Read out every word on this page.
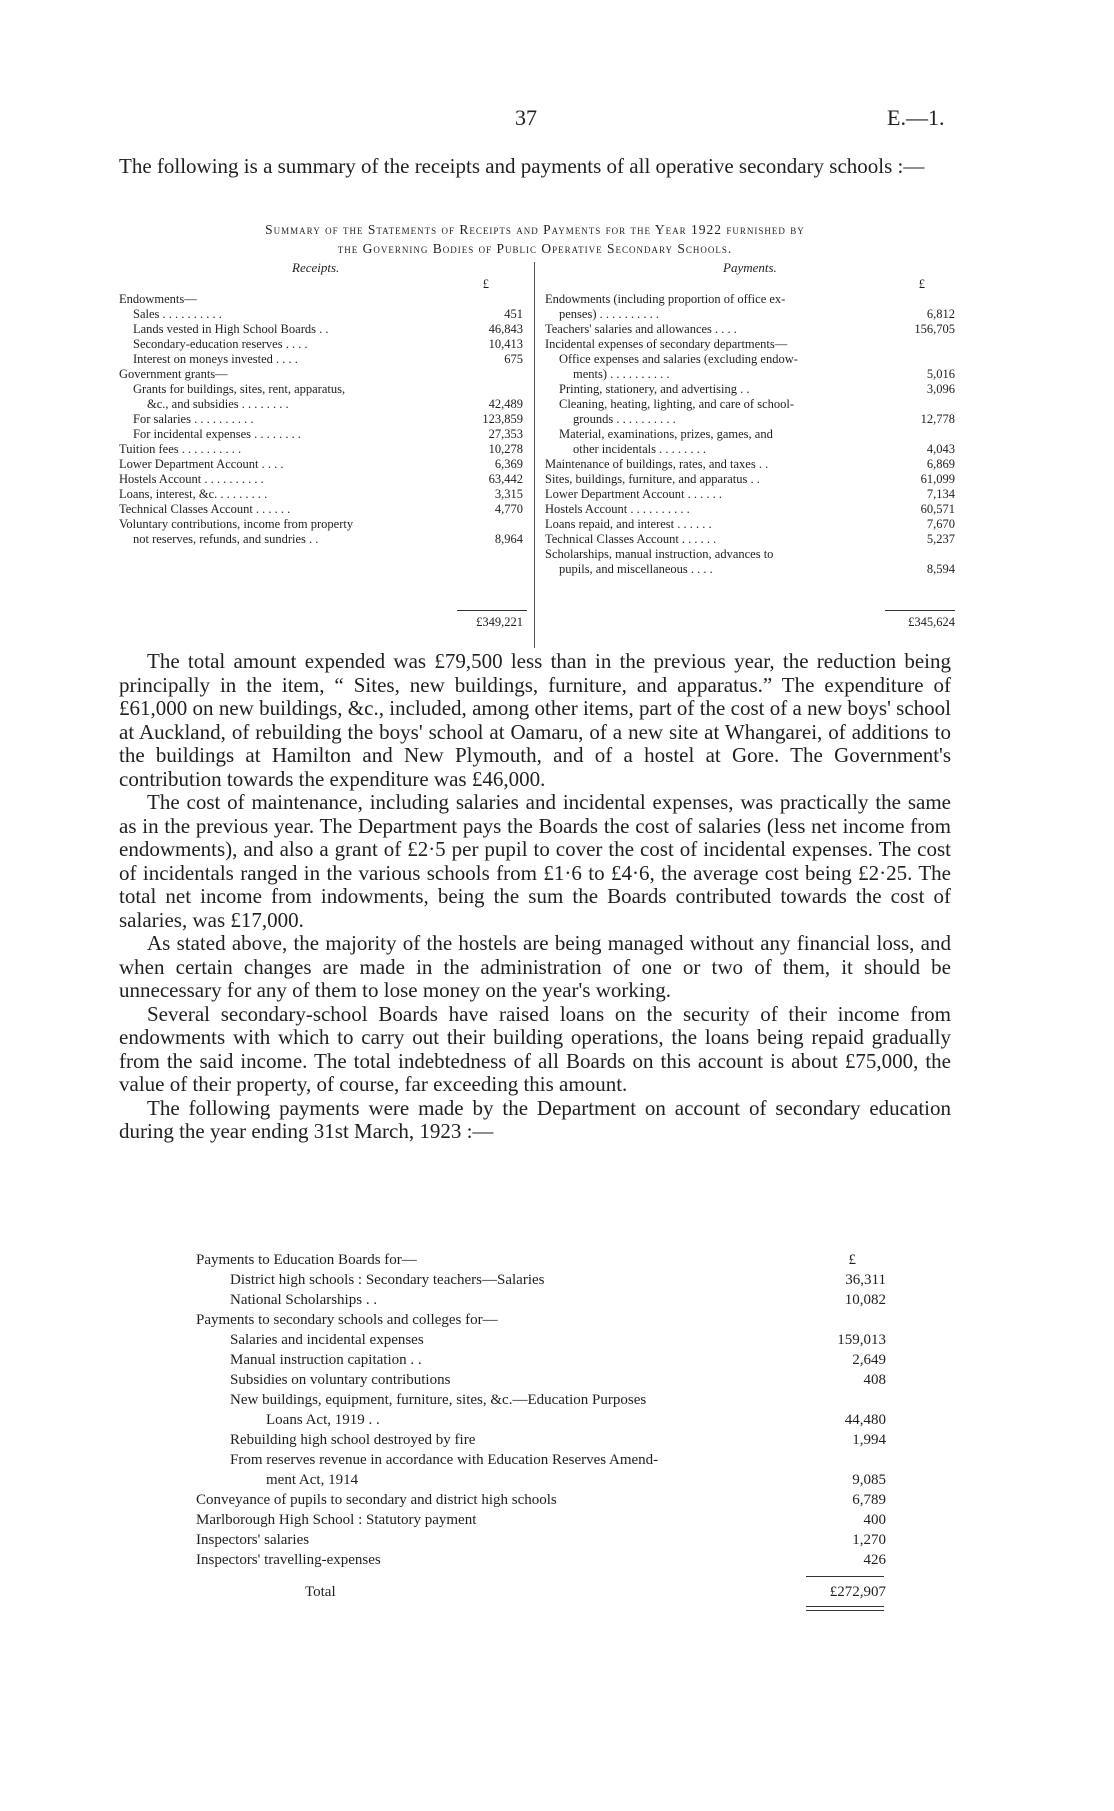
37	E.—1.
The following is a summary of the receipts and payments of all operative secondary schools :—
Summary of the Statements of Receipts and Payments for the Year 1922 furnished by
the Governing Bodies of Public Operative Secondary Schools.
Receipts.	Payments.
£
Endowments—
Sales . . . . . . . . . .	451
Lands vested in High School Boards . .	46,843
Secondary-education reserves . . . .	10,413
Interest on moneys invested . . . .	675
Government grants—
Grants for buildings, sites, rent, apparatus,
&c., and subsidies . . . . . . . .	42,489
For salaries . . . . . . . . . .	123,859
For incidental expenses . . . . . . . .	27,353
Tuition fees . . . . . . . . . .	10,278
Lower Department Account . . . .	6,369
Hostels Account . . . . . . . . . .	63,442
Loans, interest, &c. . . . . . . . .	3,315
Technical Classes Account . . . . . .	4,770
Voluntary contributions, income from property
not reserves, refunds, and sundries . .	8,964
£349,221
£
Endowments (including proportion of office ex-
penses) . . . . . . . . . .	6,812
Teachers' salaries and allowances . . . .	156,705
Incidental expenses of secondary departments—
Office expenses and salaries (excluding endow-
ments) . . . . . . . . . .	5,016
Printing, stationery, and advertising . .	3,096
Cleaning, heating, lighting, and care of school-
grounds . . . . . . . . . .	12,778
Material, examinations, prizes, games, and
other incidentals . . . . . . . .	4,043
Maintenance of buildings, rates, and taxes . .	6,869
Sites, buildings, furniture, and apparatus . .	61,099
Lower Department Account . . . . . .	7,134
Hostels Account . . . . . . . . . .	60,571
Loans repaid, and interest . . . . . .	7,670
Technical Classes Account . . . . . .	5,237
Scholarships, manual instruction, advances to
pupils, and miscellaneous . . . .	8,594
£345,624

The total amount expended was £79,500 less than in the previous year, the reduction being principally in the item, “ Sites, new buildings, furniture, and apparatus.” The expenditure of £61,000 on new buildings, &c., included, among other items, part of the cost of a new boys' school at Auckland, of rebuilding the boys' school at Oamaru, of a new site at Whangarei, of additions to the buildings at Hamilton and New Plymouth, and of a hostel at Gore. The Government's contribution towards the expenditure was £46,000.

The cost of maintenance, including salaries and incidental expenses, was practically the same as in the previous year. The Department pays the Boards the cost of salaries (less net income from endowments), and also a grant of £2·5 per pupil to cover the cost of incidental expenses. The cost of incidentals ranged in the various schools from £1·6 to £4·6, the average cost being £2·25. The total net income from indowments, being the sum the Boards contributed towards the cost of salaries, was £17,000.

As stated above, the majority of the hostels are being managed without any financial loss, and when certain changes are made in the administration of one or two of them, it should be unnecessary for any of them to lose money on the year's working.

Several secondary-school Boards have raised loans on the security of their income from endowments with which to carry out their building operations, the loans being repaid gradually from the said income. The total indebtedness of all Boards on this account is about £75,000, the value of their property, of course, far exceeding this amount.

The following payments were made by the Department on account of secondary education during the year ending 31st March, 1923 :—

£
Payments to Education Boards for—
District high schools : Secondary teachers—Salaries	36,311
National Scholarships . .	10,082
Payments to secondary schools and colleges for—
Salaries and incidental expenses	159,013
Manual instruction capitation . .	2,649
Subsidies on voluntary contributions	408
New buildings, equipment, furniture, sites, &c.—Education Purposes
Loans Act, 1919 . .	44,480
Rebuilding high school destroyed by fire	1,994
From reserves revenue in accordance with Education Reserves Amend-
ment Act, 1914	9,085
Conveyance of pupils to secondary and district high schools	6,789
Marlborough High School : Statutory payment	400
Inspectors' salaries	1,270
Inspectors' travelling-expenses	426
Total	£272,907
